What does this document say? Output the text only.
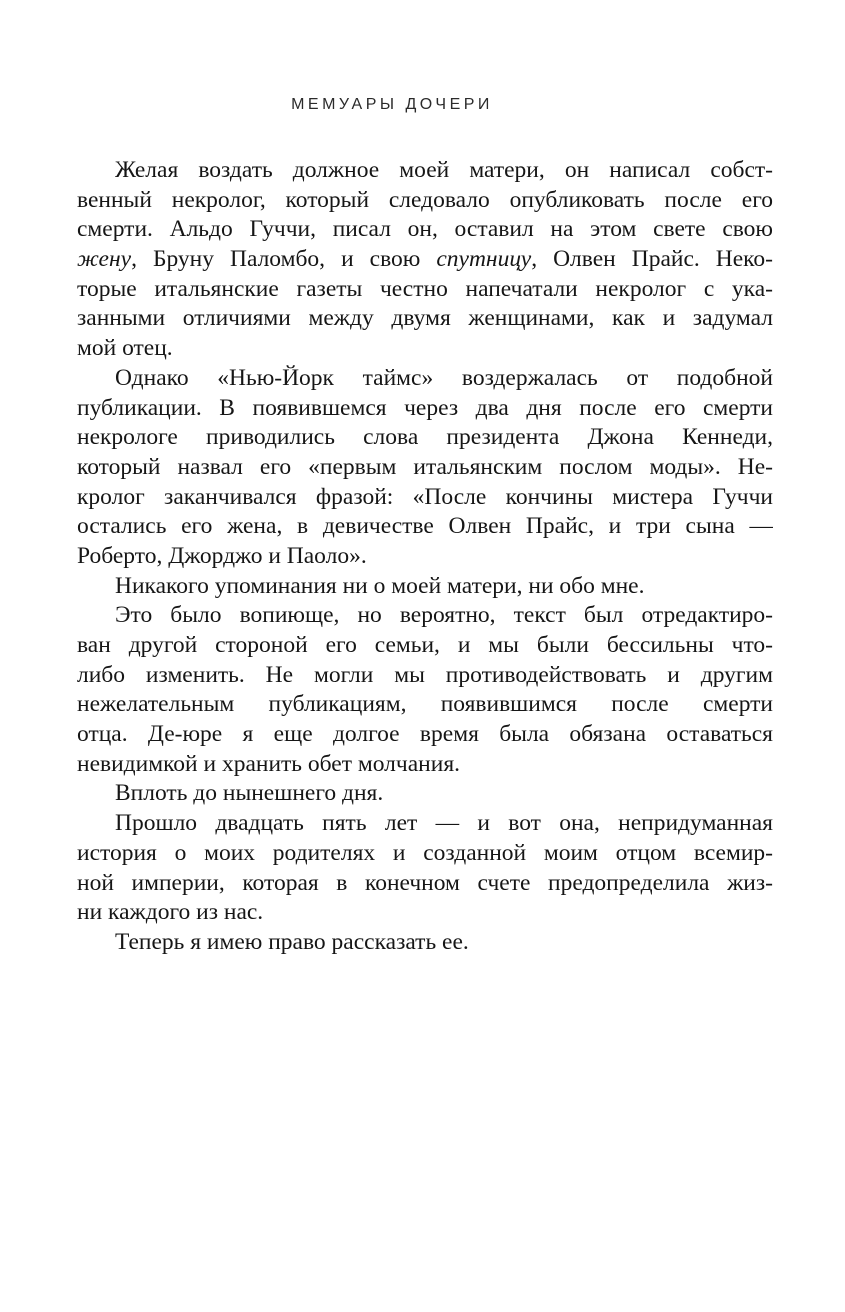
МЕМУАРЫ ДОЧЕРИ
Желая воздать должное моей матери, он написал собст-
венный некролог, который следовало опубликовать после его
смерти. Альдо Гуччи, писал он, оставил на этом свете свою
жену, Бруну Паломбо, и свою спутницу, Олвен Прайс. Неко-
торые итальянские газеты честно напечатали некролог с ука-
занными отличиями между двумя женщинами, как и задумал
мой отец.
Однако «Нью-Йорк таймс» воздержалась от подобной
публикации. В появившемся через два дня после его смерти
некрологе приводились слова президента Джона Кеннеди,
который назвал его «первым итальянским послом моды». Не-
кролог заканчивался фразой: «После кончины мистера Гуччи
остались его жена, в девичестве Олвен Прайс, и три сына —
Роберто, Джорджо и Паоло».
Никакого упоминания ни о моей матери, ни обо мне.
Это было вопиюще, но вероятно, текст был отредактиро-
ван другой стороной его семьи, и мы были бессильны что-
либо изменить. Не могли мы противодействовать и другим
нежелательным публикациям, появившимся после смерти
отца. Де-юре я еще долгое время была обязана оставаться
невидимкой и хранить обет молчания.
Вплоть до нынешнего дня.
Прошло двадцать пять лет — и вот она, непридуманная
история о моих родителях и созданной моим отцом всемир-
ной империи, которая в конечном счете предопределила жиз-
ни каждого из нас.
Теперь я имею право рассказать ее.
